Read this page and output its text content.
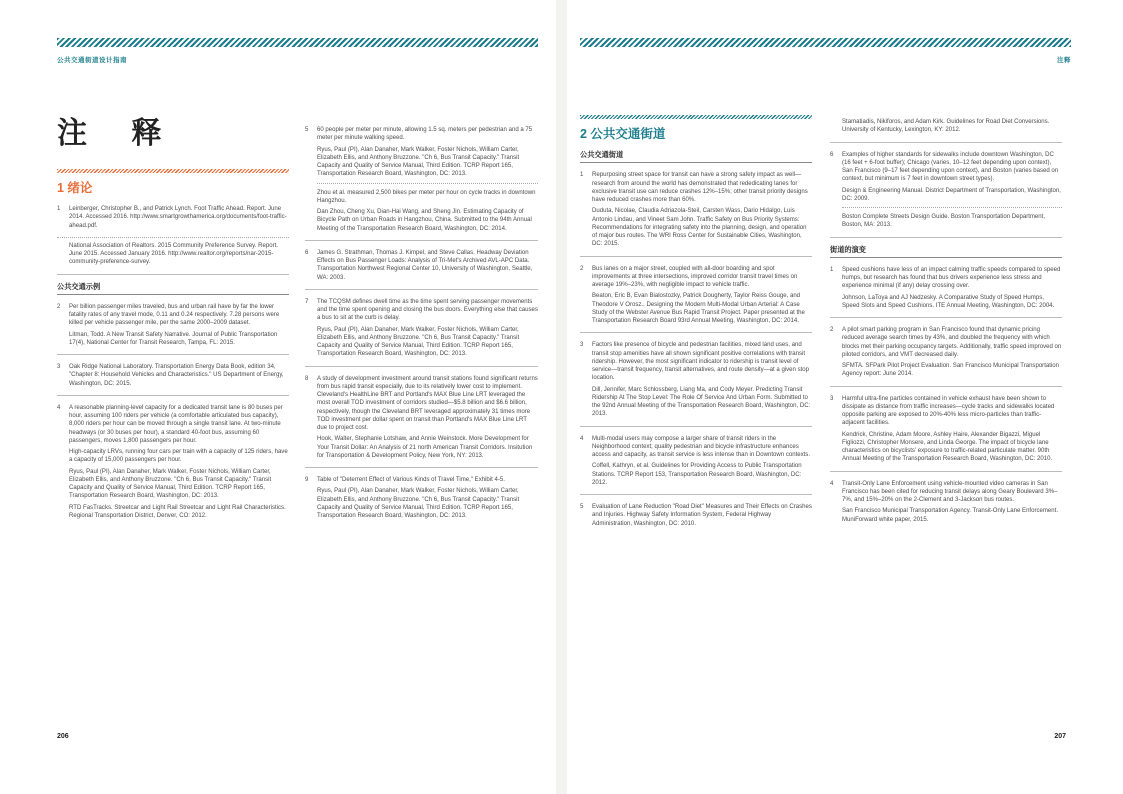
公共交通街道设计指南
注 释
1 绪论
1	Leinberger, Christopher B., and Patrick Lynch. Foot Traffic Ahead. Report. June 2014. Accessed 2016. http://www.smartgrowthamerica.org/documents/foot-traffic-ahead.pdf.

National Association of Realtors. 2015 Community Preference Survey. Report. June 2015. Accessed January 2016. http://www.realtor.org/reports/nar-2015-community-preference-survey.

公共交通示例
2	Per billion passenger miles traveled, bus and urban rail have by far the lower fatality rates of any travel mode, 0.11 and 0.24 respectively. 7.28 persons were killed per vehicle passenger mile, per the same 2000–2009 dataset.

Litman, Todd. A New Transit Safety Narrative. Journal of Public Transportation 17(4), National Center for Transit Research, Tampa, FL: 2015.

3	Oak Ridge National Laboratory. Transportation Energy Data Book, edition 34, "Chapter 8: Household Vehicles and Characteristics." US Department of Energy, Washington, DC: 2015.

4	A reasonable planning-level capacity for a dedicated transit lane is 80 buses per hour, assuming 100 riders per vehicle (a comfortable articulated bus capacity), 8,000 riders per hour can be moved through a single transit lane. At two-minute headways (or 30 buses per hour), a standard 40-foot bus, assuming 60 passengers, moves 1,800 passengers per hour.

High-capacity LRVs, running four cars per train with a capacity of 125 riders, have a capacity of 15,000 passengers per hour.

Ryus, Paul (PI), Alan Danaher, Mark Walker, Foster Nichols, William Carter, Elizabeth Ellis, and Anthony Bruzzone. "Ch 6, Bus Transit Capacity." Transit Capacity and Quality of Service Manual, Third Edition. TCRP Report 165, Transportation Research Board, Washington, DC: 2013.

RTD FasTracks. Streetcar and Light Rail Streetcar and Light Rail Characteristics. Regional Transportation District, Denver, CO: 2012.

5	60 people per meter per minute, allowing 1.5 sq. meters per pedestrian and a 75 meter per minute walking speed.

Ryus, Paul (PI), Alan Danaher, Mark Walker, Foster Nichols, William Carter, Elizabeth Ellis, and Anthony Bruzzone. "Ch 6, Bus Transit Capacity." Transit Capacity and Quality of Service Manual, Third Edition. TCRP Report 165, Transportation Research Board, Washington, DC: 2013.

Zhou et al. measured 2,500 bikes per meter per hour on cycle tracks in downtown Hangzhou.

Dan Zhou, Cheng Xu, Dian-Hai Wang, and Sheng Jin. Estimating Capacity of Bicycle Path on Urban Roads in Hangzhou, China. Submitted to the 94th Annual Meeting of the Transportation Research Board, Washington, DC: 2014.

6	James G. Strathman, Thomas J. Kimpel, and Steve Callas. Headway Deviation Effects on Bus Passenger Loads: Analysis of Tri-Met's Archived AVL-APC Data. Transportation Northwest Regional Center 10, University of Washington, Seattle, WA: 2003.

7	The TCQSM defines dwell time as the time spent serving passenger movements and the time spent opening and closing the bus doors. Everything else that causes a bus to sit at the curb is delay.

Ryus, Paul (PI), Alan Danaher, Mark Walker, Foster Nichols, William Carter, Elizabeth Ellis, and Anthony Bruzzone. "Ch 6, Bus Transit Capacity." Transit Capacity and Quality of Service Manual, Third Edition. TCRP Report 165, Transportation Research Board, Washington, DC: 2013.

8	A study of development investment around transit stations found significant returns from bus rapid transit especially, due to its relatively lower cost to implement. Cleveland's HealthLine BRT and Portland's MAX Blue Line LRT leveraged the most overall TOD investment of corridors studied—$5.8 billion and $6.6 billion, respectively, though the Cleveland BRT leveraged approximately 31 times more TOD investment per dollar spent on transit than Portland's MAX Blue Line LRT due to project cost.

Hook, Walter, Stephanie Lotshaw, and Annie Weinstock. More Development for Your Transit Dollar: An Analysis of 21 north American Transit Corridors. Insitution for Transportation & Development Policy, New York, NY: 2013.

9	Table of "Deterrent Effect of Various Kinds of Travel Time," Exhibit 4-5.

Ryus, Paul (PI), Alan Danaher, Mark Walker, Foster Nichols, William Carter, Elizabeth Ellis, and Anthony Bruzzone. "Ch 6, Bus Transit Capacity." Transit Capacity and Quality of Service Manual, Third Edition. TCRP Report 165, Transportation Research Board, Washington, DC: 2013.

206
注释
2 公共交通街道
公共交通街道
1	Repurposing street space for transit can have a strong safety impact as well—research from around the world has demonstrated that rededicating lanes for exclusive transit use can reduce crashes 12%–15%; other transit priority designs have reduced crashes more than 60%.

Duduta, Nicolae, Claudia Adriazola-Steil, Carsten Wass, Dario Hidalgo, Luis Antonio Lindau, and Vineet Sam John. Traffic Safety on Bus Priority Systems: Recommendations for integrating safety into the planning, design, and operation of major bus routes. The WRI Ross Center for Sustainable Cities, Washington, DC: 2015.

2	Bus lanes on a major street, coupled with all-door boarding and spot improvements at three intersections, improved corridor transit travel times on average 19%–23%, with negligible impact to vehicle traffic.

Beaton, Eric B, Evan Bialostozky, Patrick Dougherty, Taylor Reiss Gouge, and Theodore V Orosz.. Designing the Modern Multi-Modal Urban Arterial: A Case Study of the Webster Avenue Bus Rapid Transit Project. Paper presented at the Transportation Research Board 93rd Annual Meeting, Washington, DC: 2014.

3	Factors like presence of bicycle and pedestrian facilities, mixed land uses, and transit stop amenities have all shown significant positive correlations with transit ridership. However, the most significant indicator to ridership is transit level of service—transit frequency, transit alternatives, and route density—at a given stop location.

Dill, Jennifer, Marc Schlossberg, Liang Ma, and Cody Meyer. Predicting Transit Ridership At The Stop Level: The Role Of Service And Urban Form. Submitted to the 92nd Annual Meeting of the Transportation Research Board, Washington, DC: 2013.

4	Multi-modal users may compose a larger share of transit riders in the Neighborhood context; quality pedestrian and bicycle infrastructure enhances access and capacity, as transit service is less intense than in Downtown contexts.

Coffell, Kathryn, et al. Guidelines for Providing Access to Public Transportation Stations. TCRP Report 153, Transportation Research Board, Washington, DC: 2012.

5	Evaluation of Lane Reduction "Road Diet" Measures and Their Effects on Crashes and Injuries. Highway Safety Information System, Federal Highway Administration, Washington, DC: 2010.

Stamatiadis, Nikiforos, and Adam Kirk. Guidelines for Road Diet Conversions. University of Kentucky, Lexington, KY: 2012.

6	Examples of higher standards for sidewalks include downtown Washington, DC (16 feet + 6-foot buffer); Chicago (varies, 10–12 feet depending upon context), San Francisco (9–17 feet depending upon context), and Boston (varies based on context, but minimum is 7 feet in downtown street types).

Design & Engineering Manual. District Department of Transportation, Washington, DC: 2009.

Boston Complete Streets Design Guide. Boston Transportation Department, Boston, MA: 2013.

街道的演变
1	Speed cushions have less of an impact calming traffic speeds compared to speed humps, but research has found that bus drivers experience less stress and experience minimal (if any) delay crossing over.

Johnson, LaToya and AJ Nedzesky. A Comparative Study of Speed Humps, Speed Slots and Speed Cushions. ITE Annual Meeting, Washington, DC: 2004.

2	A pilot smart parking program in San Francisco found that dynamic pricing reduced average search times by 43%, and doubled the frequency with which blocks met their parking occupancy targets. Additionally, traffic speed improved on piloted corridors, and VMT decreased daily.

SFMTA. SFPark Pilot Project Evaluation. San Francisco Municipal Transportation Agency report: June 2014.

3	Harmful ultra-fine particles contained in vehicle exhaust have been shown to dissipate as distance from traffic increases—cycle tracks and sidewalks located opposite parking are exposed to 20%-40% less micro-particles than traffic-adjacent facilities.

Kendrick, Christine, Adam Moore, Ashley Haire, Alexander Bigazzi, Miguel Figliozzi, Christopher Monsere, and Linda George. The impact of bicycle lane characteristics on bicyclists' exposure to traffic-related particulate matter. 90th Annual Meeting of the Transportation Research Board, Washington, DC: 2010.

4	Transit-Only Lane Enforcement using vehicle-mounted video cameras in San Francisco has been cited for reducing transit delays along Geary Boulevard 3%–7%, and 15%–20% on the 2-Clement and 3-Jackson bus routes.

San Francisco Municipal Transportation Agency. Transit-Only Lane Enforcement. MuniForward white paper, 2015.

207
